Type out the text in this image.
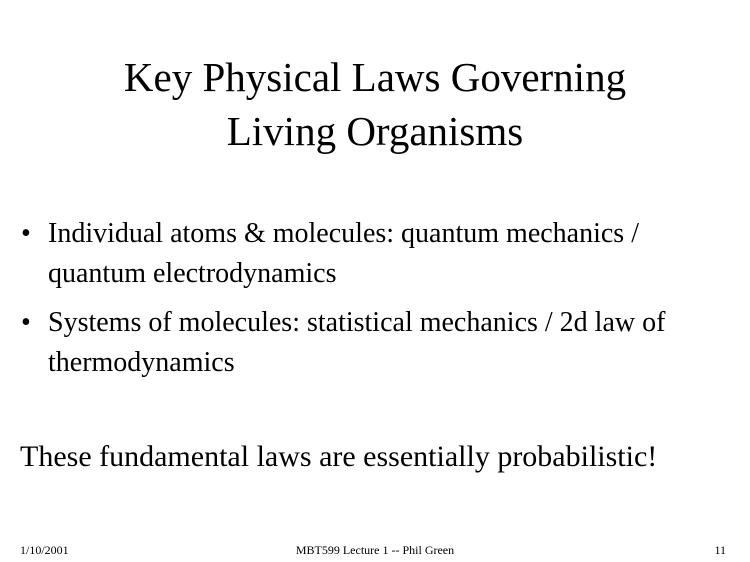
Key Physical Laws Governing
Living Organisms
• Individual atoms & molecules: quantum mechanics / quantum electrodynamics
• Systems of molecules: statistical mechanics / 2d law of thermodynamics
These fundamental laws are essentially probabilistic!
1/10/2001	MBT599 Lecture 1 -- Phil Green	11
